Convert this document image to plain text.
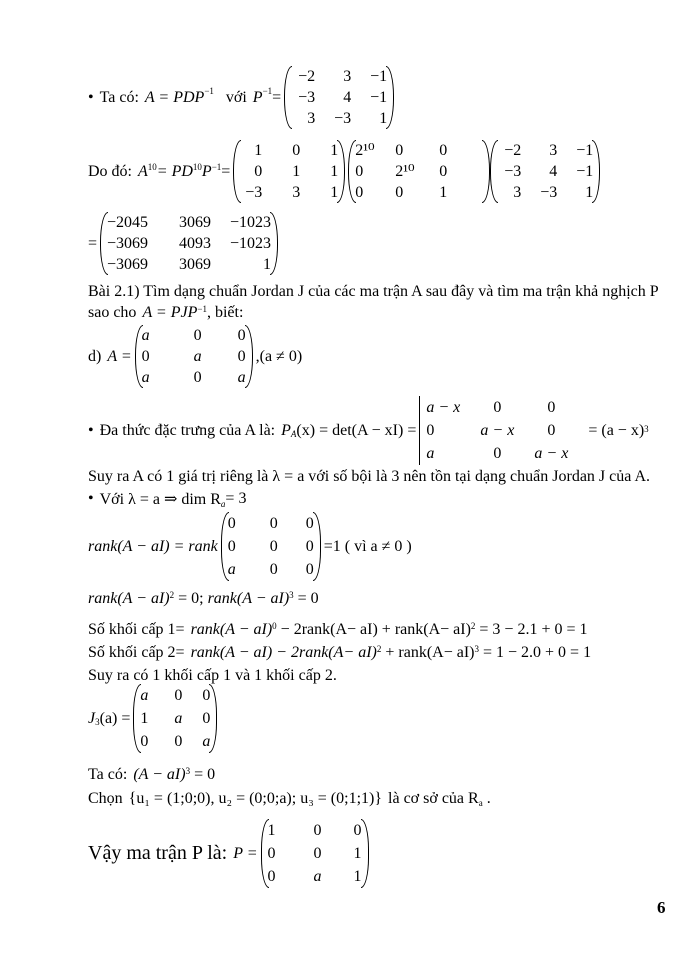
• Ta có: $A = PDP^{-1}$ với $P^{-1}$ =
−2	3	−1
−3	4	−1
3	−3	1
Do đó: $A^{10} = PD^{10}$ $P^{-1}$ =
1	0	1
0	1	1
−3	3	1
2¹⁰	0	0
0	2¹⁰	0
0	0	1
−2	3	−1
−3	4	−1
3	−3	1
=
−2045	3069	−1023
−3069	4093	−1023
−3069	3069	1
Bài 2.1) Tìm dạng chuẩn Jordan J của các ma trận A sau đây và tìm ma trận khả nghịch P
sao cho $A = PJP^{-1}$ , biết:
d) A =
a	0	0
0	a	0
a	0	a
,(a ≠ 0)
• Đa thức đặc trưng của A là: $P_A$ (x) = det(A − xI) =
a − x	0	0
0	a − x	0
a	0	a − x
= (a − x) 3
Suy ra A có 1 giá trị riêng là λ = a với số bội là 3 nên tồn tại dạng chuẩn Jordan J của A.
• Với λ = a ⇒ dim $R_a = 3$
rank(A − aI) = rank
0	0	0
0	0	0
a	0	0
=1 ( vì a ≠ 0 )
rank(A − aI)$^2$ = 0; rank(A − aI)$^3$ = 0
Số khối cấp 1= rank(A − aI)$^0$ − 2rank(A− aI) + rank(A− aI)$^2$ = 3 − 2.1 + 0 = 1
Số khối cấp 2= rank(A − aI) − 2rank(A− aI)$^2$ + rank(A− aI)$^3$ = 1 − 2.0 + 0 = 1
Suy ra có 1 khối cấp 1 và 1 khối cấp 2.
$J_3$ (a) =
a	0	0
1	a	0
0	0	a
Ta có: (A − aI)$^3$ = 0
Chọn {u₁ = (1;0;0), u₂ = (0;0;a); u₃ = (0;1;1)} là cơ sở của $R_a$ .
Vậy ma trận P là: P =
1	0	0
0	0	1
0	a	1
6
